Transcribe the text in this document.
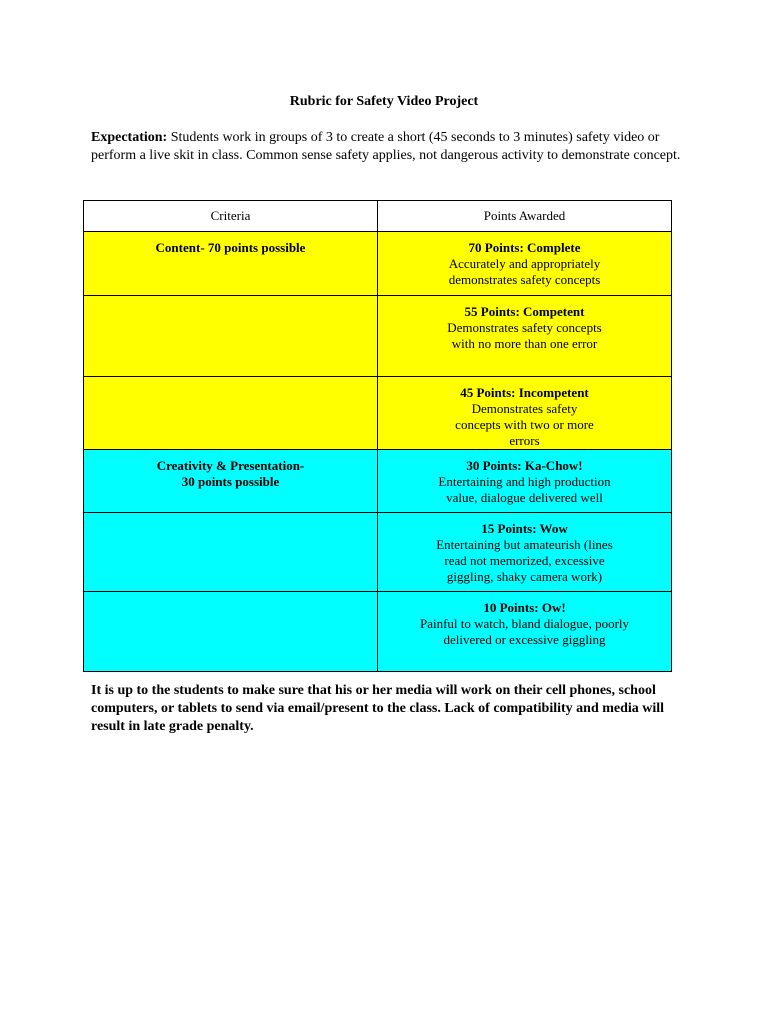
Rubric for Safety Video Project
Expectation: Students work in groups of 3 to create a short (45 seconds to 3 minutes) safety video or perform a live skit in class. Common sense safety applies, not dangerous activity to demonstrate concept.
Criteria	Points Awarded

Content- 70 points possible	70 Points: Complete
Accurately and appropriately demonstrates safety concepts

	55 Points: Competent
Demonstrates safety concepts with no more than one error

	45 Points: Incompetent
Demonstrates safety concepts with two or more errors

Creativity & Presentation- 30 points possible	30 Points: Ka-Chow!
Entertaining and high production value, dialogue delivered well

	15 Points: Wow
Entertaining but amateurish (lines read not memorized, excessive giggling, shaky camera work)

	10 Points: Ow!
Painful to watch, bland dialogue, poorly delivered or excessive giggling
It is up to the students to make sure that his or her media will work on their cell phones, school computers, or tablets to send via email/present to the class. Lack of compatibility and media will result in late grade penalty.
